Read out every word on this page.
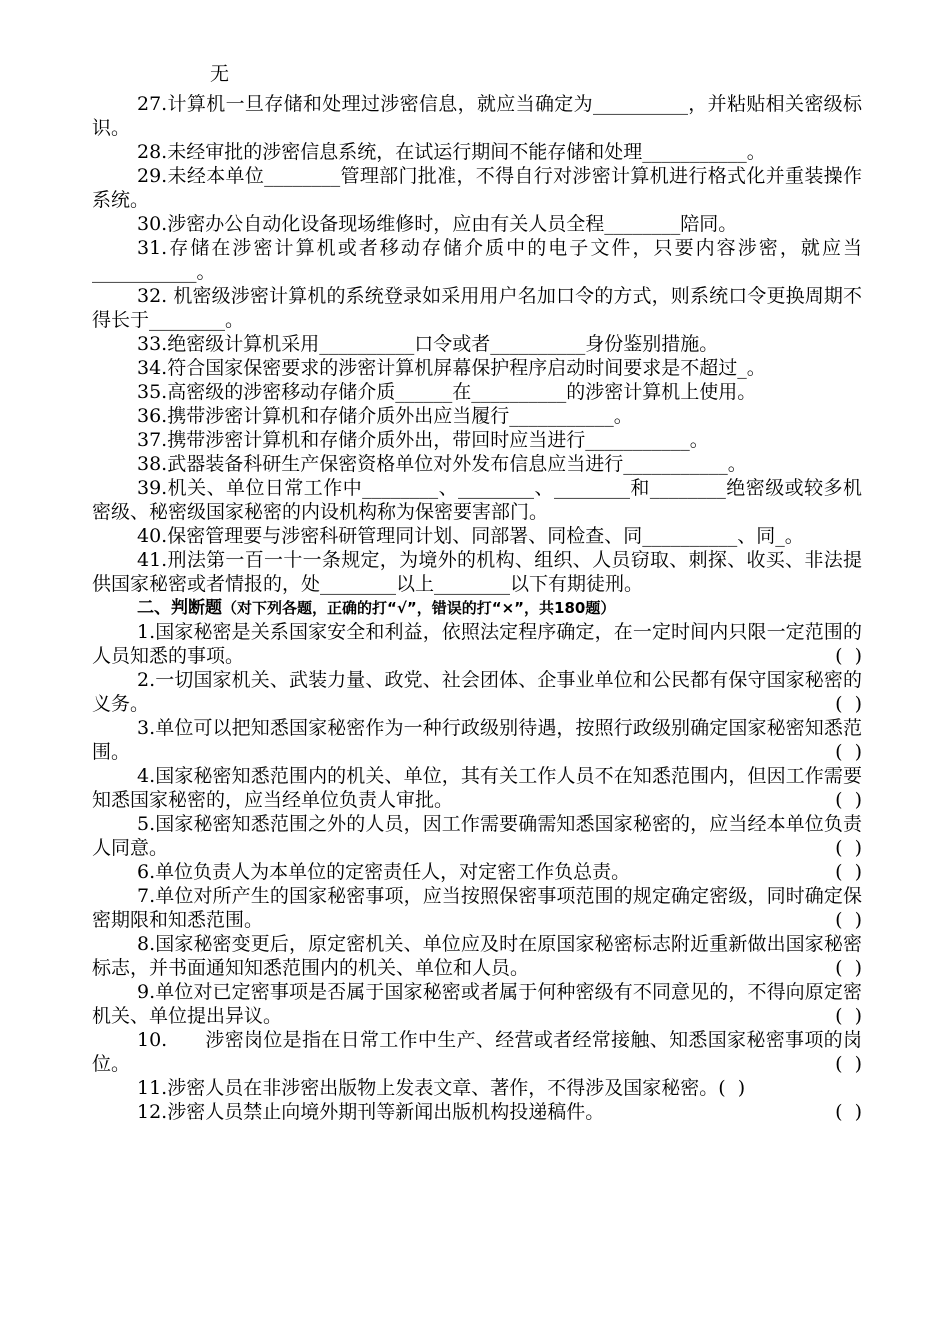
无

27.计算机一旦存储和处理过涉密信息，就应当确定为__________，并粘贴相关密级标识。

28.未经审批的涉密信息系统，在试运行期间不能存储和处理___________。

29.未经本单位________管理部门批准，不得自行对涉密计算机进行格式化并重装操作系统。

30.涉密办公自动化设备现场维修时，应由有关人员全程________陪同。

31.存储在涉密计算机或者移动存储介质中的电子文件，只要内容涉密，就应当___________。

32. 机密级涉密计算机的系统登录如采用用户名加口令的方式，则系统口令更换周期不得长于________。

33.绝密级计算机采用__________口令或者__________身份鉴别措施。

34.符合国家保密要求的涉密计算机屏幕保护程序启动时间要求是不超过_。

35.高密级的涉密移动存储介质______在__________的涉密计算机上使用。

36.携带涉密计算机和存储介质外出应当履行___________。

37.携带涉密计算机和存储介质外出，带回时应当进行___________。

38.武器装备科研生产保密资格单位对外发布信息应当进行___________。

39.机关、单位日常工作中________、________、________和________绝密级或较多机密级、秘密级国家秘密的内设机构称为保密要害部门。

40.保密管理要与涉密科研管理同计划、同部署、同检查、同__________、同_。

41.刑法第一百一十一条规定，为境外的机构、组织、人员窃取、刺探、收买、非法提供国家秘密或者情报的，处________以上________以下有期徒刑。

二、判断题（对下列各题，正确的打“√”，错误的打“×”，共180题）

1.国家秘密是关系国家安全和利益，依照法定程序确定，在一定时间内只限一定范围的人员知悉的事项。	(  )

2.一切国家机关、武装力量、政党、社会团体、企事业单位和公民都有保守国家秘密的义务。	(  )

3.单位可以把知悉国家秘密作为一种行政级别待遇，按照行政级别确定国家秘密知悉范围。	(  )

4.国家秘密知悉范围内的机关、单位，其有关工作人员不在知悉范围内，但因工作需要知悉国家秘密的，应当经单位负责人审批。	(  )

5.国家秘密知悉范围之外的人员，因工作需要确需知悉国家秘密的，应当经本单位负责人同意。	(  )

6.单位负责人为本单位的定密责任人，对定密工作负总责。	(  )

7.单位对所产生的国家秘密事项，应当按照保密事项范围的规定确定密级，同时确定保密期限和知悉范围。	(  )

8.国家秘密变更后，原定密机关、单位应及时在原国家秘密标志附近重新做出国家秘密标志，并书面通知知悉范围内的机关、单位和人员。	(  )

9.单位对已定密事项是否属于国家秘密或者属于何种密级有不同意见的，不得向原定密机关、单位提出异议。	(  )

10.      涉密岗位是指在日常工作中生产、经营或者经常接触、知悉国家秘密事项的岗位。	(  )

11.涉密人员在非涉密出版物上发表文章、著作，不得涉及国家秘密。(  )

12.涉密人员禁止向境外期刊等新闻出版机构投递稿件。	(  )
